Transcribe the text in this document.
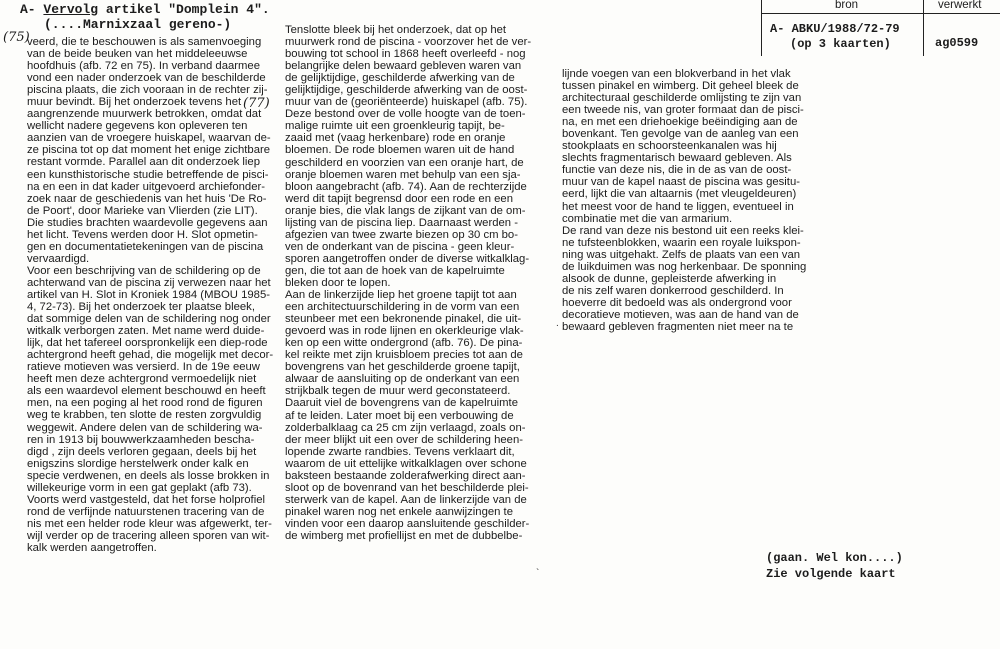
A- Vervolg artikel "Domplein 4".
(....Marnixzaal gereno-)
(75)
(77)
veerd, die te beschouwen is als samenvoeging
van de beide beuken van het middeleeuwse
hoofdhuis (afb. 72 en 75). In verband daarmee
vond een nader onderzoek van de beschilderde
piscina plaats, die zich vooraan in de rechter zij-
muur bevindt. Bij het onderzoek tevens het
aangrenzende muurwerk betrokken, omdat dat
wellicht nadere gegevens kon opleveren ten
aanzien van de vroegere huiskapel, waarvan de-
ze piscina tot op dat moment het enige zichtbare
restant vormde. Parallel aan dit onderzoek liep
een kunsthistorische studie betreffende de pisci-
na en een in dat kader uitgevoerd archiefonder-
zoek naar de geschiedenis van het huis 'De Ro-
de Poort', door Marieke van Vlierden (zie LIT).
Die studies brachten waardevolle gegevens aan
het licht. Tevens werden door H. Slot opmetin-
gen en documentatietekeningen van de piscina
vervaardigd.
Voor een beschrijving van de schildering op de
achterwand van de piscina zij verwezen naar het
artikel van H. Slot in Kroniek 1984 (MBOU 1985-
4, 72-73). Bij het onderzoek ter plaatse bleek,
dat sommige delen van de schildering nog onder
witkalk verborgen zaten. Met name werd duide-
lijk, dat het tafereel oorspronkelijk een diep-rode
achtergrond heeft gehad, die mogelijk met decor-
ratieve motieven was versierd. In de 19e eeuw
heeft men deze achtergrond vermoedelijk niet
als een waardevol element beschouwd en heeft
men, na een poging al het rood rond de figuren
weg te krabben, ten slotte de resten zorgvuldig
weggewit. Andere delen van de schildering wa-
ren in 1913 bij bouwwerkzaamheden bescha-
digd , zijn deels verloren gegaan, deels bij het
enigszins slordige herstelwerk onder kalk en
specie verdwenen, en deels als losse brokken in
willekeurige vorm in een gat geplakt (afb 73).
Voorts werd vastgesteld, dat het forse holprofiel
rond de verfijnde natuurstenen tracering van de
nis met een helder rode kleur was afgewerkt, ter-
wijl verder op de tracering alleen sporen van wit-
kalk werden aangetroffen.
Tenslotte bleek bij het onderzoek, dat op het
muurwerk rond de piscina - voorzover het de ver-
bouwing tot school in 1868 heeft overleefd - nog
belangrijke delen bewaard gebleven waren van
de gelijktijdige, geschilderde afwerking van de
gelijktijdige, geschilderde afwerking van de oost-
muur van de (georiënteerde) huiskapel (afb. 75).
Deze bestond over de volle hoogte van de toen-
malige ruimte uit een groenkleurig tapijt, be-
zaaid met (vaag herkenbare) rode en oranje
bloemen. De rode bloemen waren uit de hand
geschilderd en voorzien van een oranje hart, de
oranje bloemen waren met behulp van een sja-
bloon aangebracht (afb. 74). Aan de rechterzijde
werd dit tapijt begrensd door een rode en een
oranje bies, die vlak langs de zijkant van de om-
lijsting van de piscina liep. Daarnaast werden -
afgezien van twee zwarte biezen op 30 cm bo-
ven de onderkant van de piscina - geen kleur-
sporen aangetroffen onder de diverse witkalklag-
gen, die tot aan de hoek van de kapelruimte
bleken door te lopen.
Aan de linkerzijde liep het groene tapijt tot aan
een architectuurschildering in de vorm van een
steunbeer met een bekronende pinakel, die uit-
gevoerd was in rode lijnen en okerkleurige vlak-
ken op een witte ondergrond (afb. 76). De pina-
kel reikte met zijn kruisbloem precies tot aan de
bovengrens van het geschilderde groene tapijt,
alwaar de aansluiting op de onderkant van een
strijkbalk tegen de muur werd geconstateerd.
Daaruit viel de bovengrens van de kapelruimte
af te leiden. Later moet bij een verbouwing de
zolderbalklaag ca 25 cm zijn verlaagd, zoals on-
der meer blijkt uit een over de schildering heen-
lopende zwarte randbies. Tevens verklaart dit,
waarom de uit ettelijke witkalklagen over schone
baksteen bestaande zolderafwerking direct aan-
sloot op de bovenrand van het beschilderde plei-
sterwerk van de kapel. Aan de linkerzijde van de
pinakel waren nog net enkele aanwijzingen te
vinden voor een daarop aansluitende geschilder-
de wimberg met profiellijst en met de dubbelbe-
lijnde voegen van een blokverband in het vlak
tussen pinakel en wimberg. Dit geheel bleek de
architecturaal geschilderde omlijsting te zijn van
een tweede nis, van groter formaat dan de pisci-
na, en met een driehoekige beëindiging aan de
bovenkant. Ten gevolge van de aanleg van een
stookplaats en schoorsteenkanalen was hij
slechts fragmentarisch bewaard gebleven. Als
functie van deze nis, die in de as van de oost-
muur van de kapel naast de piscina was gesitu-
eerd, lijkt die van altaarnis (met vleugeldeuren)
het meest voor de hand te liggen, eventueel in
combinatie met die van armarium.
De rand van deze nis bestond uit een reeks klei-
ne tufsteenblokken, waarin een royale luikspon-
ning was uitgehakt. Zelfs de plaats van een van
de luikduimen was nog herkenbaar. De sponning
alsook de dunne, gepleisterde afwerking in
de nis zelf waren donkerrood geschilderd. In
hoeverre dit bedoeld was als ondergrond voor
decoratieve motieven, was aan de hand van de
bewaard gebleven fragmenten niet meer na te
bron	verwerkt
A- ABKU/1988/72-79
(op 3 kaarten)	ag0599
(gaan. Wel kon....)
Zie volgende kaart
`
.
